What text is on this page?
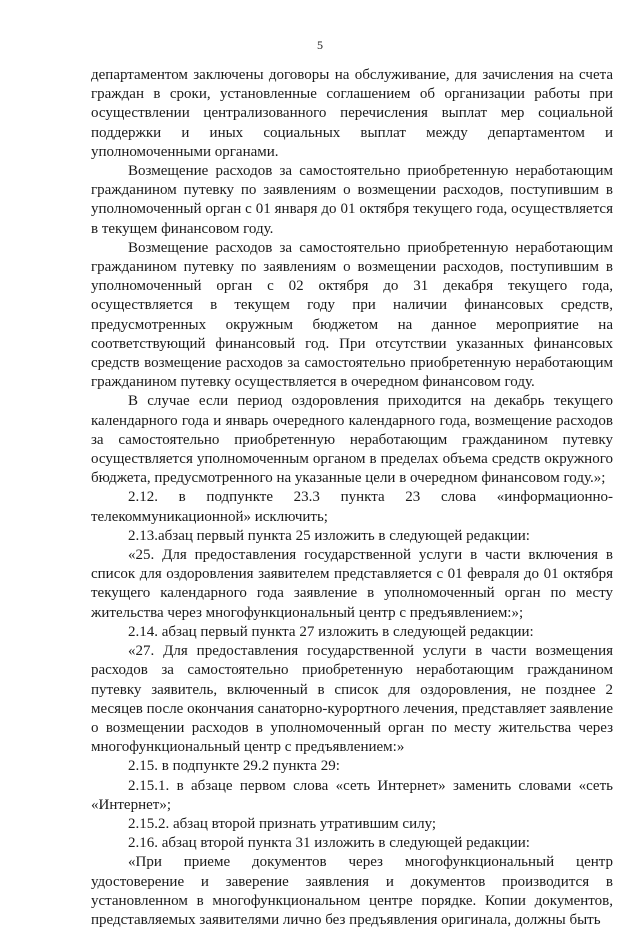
5

департаментом заключены договоры на обслуживание, для зачисления на счета граждан в сроки, установленные соглашением об организации работы при осуществлении централизованного перечисления выплат мер социальной поддержки и иных социальных выплат между департаментом и уполномоченными органами.

Возмещение расходов за самостоятельно приобретенную неработающим гражданином путевку по заявлениям о возмещении расходов, поступившим в уполномоченный орган с 01 января до 01 октября текущего года, осуществляется в текущем финансовом году.

Возмещение расходов за самостоятельно приобретенную неработающим гражданином путевку по заявлениям о возмещении расходов, поступившим в уполномоченный орган с 02 октября до 31 декабря текущего года, осуществляется в текущем году при наличии финансовых средств, предусмотренных окружным бюджетом на данное мероприятие на соответствующий финансовый год. При отсутствии указанных финансовых средств возмещение расходов за самостоятельно приобретенную неработающим гражданином путевку осуществляется в очередном финансовом году.

В случае если период оздоровления приходится на декабрь текущего календарного года и январь очередного календарного года, возмещение расходов за самостоятельно приобретенную неработающим гражданином путевку осуществляется уполномоченным органом в пределах объема средств окружного бюджета, предусмотренного на указанные цели в очередном финансовом году.»;

2.12. в подпункте 23.3 пункта 23 слова «информационно-телекоммуникационной» исключить;

2.13.абзац первый пункта 25 изложить в следующей редакции:

«25. Для предоставления государственной услуги в части включения в список для оздоровления заявителем представляется с 01 февраля до 01 октября текущего календарного года заявление в уполномоченный орган по месту жительства через многофункциональный центр с предъявлением:»;

2.14. абзац первый пункта 27 изложить в следующей редакции:

«27. Для предоставления государственной услуги в части возмещения расходов за самостоятельно приобретенную неработающим гражданином путевку заявитель, включенный в список для оздоровления, не позднее 2 месяцев после окончания санаторно-курортного лечения, представляет заявление о возмещении расходов в уполномоченный орган по месту жительства через многофункциональный центр с предъявлением:»

2.15. в подпункте 29.2 пункта 29:

2.15.1. в абзаце первом слова «сеть Интернет» заменить словами «сеть «Интернет»;

2.15.2. абзац второй признать утратившим силу;

2.16. абзац второй пункта 31 изложить в следующей редакции:

«При приеме документов через многофункциональный центр удостоверение и заверение заявления и документов производится в установленном в многофункциональном центре порядке. Копии документов, представляемых заявителями лично без предъявления оригинала, должны быть
